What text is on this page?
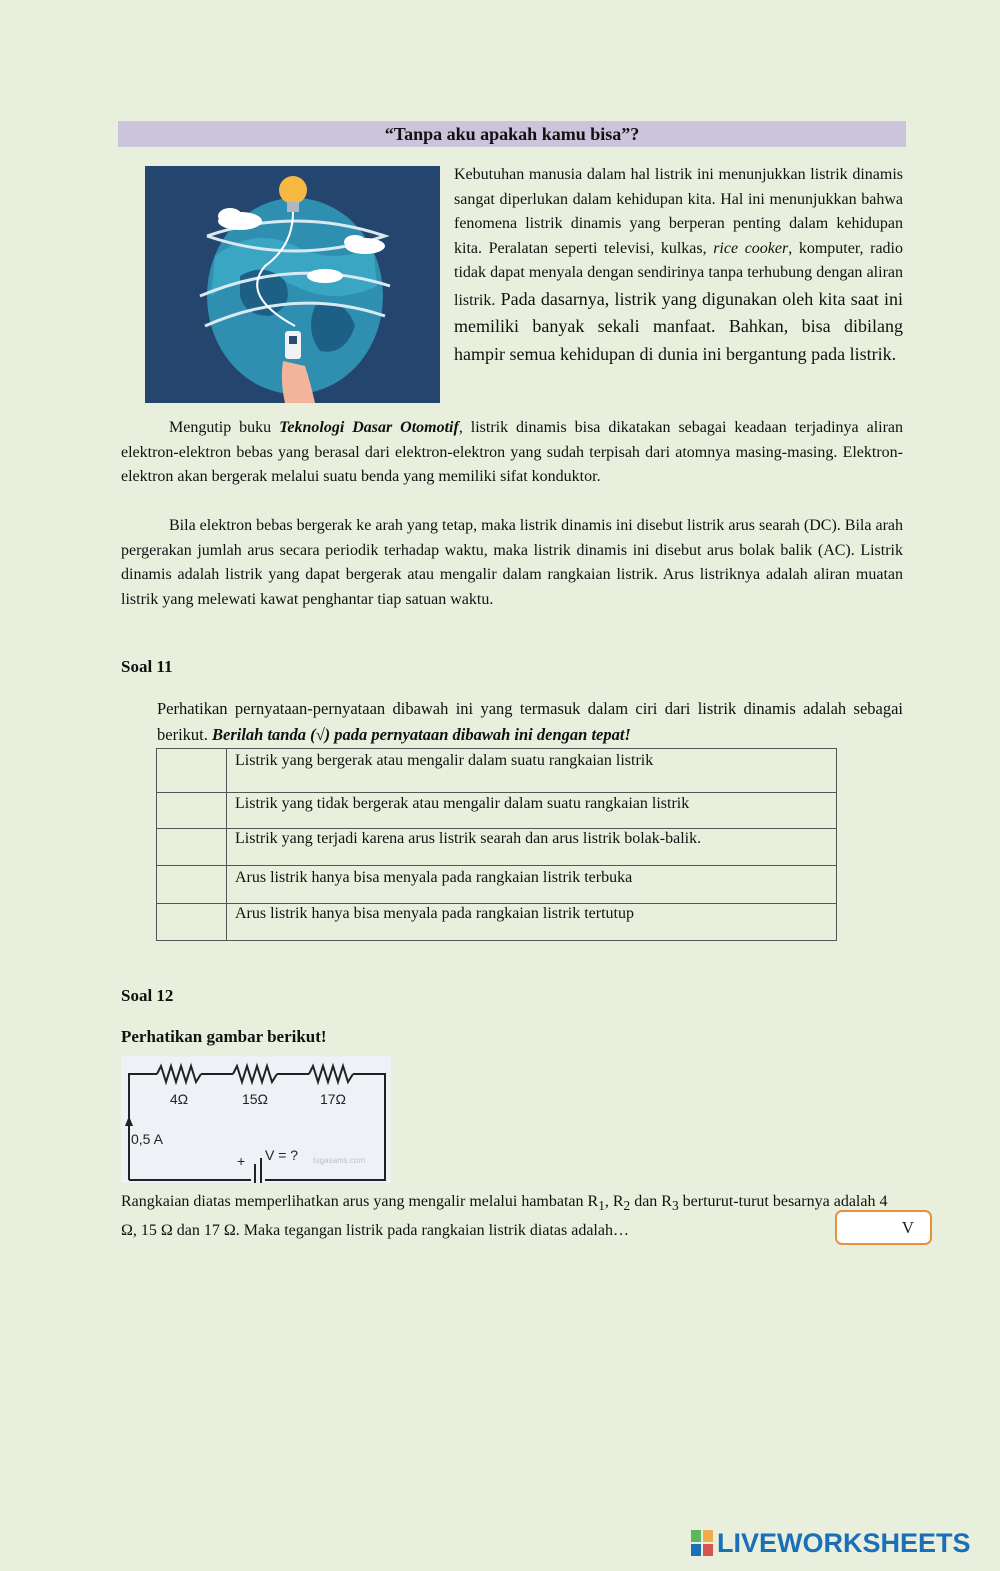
“Tanpa aku apakah kamu bisa”?
Kebutuhan manusia dalam hal listrik ini menunjukkan listrik dinamis sangat diperlukan dalam kehidupan kita. Hal ini menunjukkan bahwa fenomena listrik dinamis yang berperan penting dalam kehidupan kita. Peralatan seperti televisi, kulkas, rice cooker, komputer, radio tidak dapat menyala dengan sendirinya tanpa terhubung dengan aliran listrik. Pada dasarnya, listrik yang digunakan oleh kita saat ini memiliki banyak sekali manfaat. Bahkan, bisa dibilang hampir semua kehidupan di dunia ini bergantung pada listrik.
Mengutip buku Teknologi Dasar Otomotif, listrik dinamis bisa dikatakan sebagai keadaan terjadinya aliran elektron-elektron bebas yang berasal dari elektron-elektron yang sudah terpisah dari atomnya masing-masing. Elektron-elektron akan bergerak melalui suatu benda yang memiliki sifat konduktor.
Bila elektron bebas bergerak ke arah yang tetap, maka listrik dinamis ini disebut listrik arus searah (DC). Bila arah pergerakan jumlah arus secara periodik terhadap waktu, maka listrik dinamis ini disebut arus bolak balik (AC). Listrik dinamis adalah listrik yang dapat bergerak atau mengalir dalam rangkaian listrik. Arus listriknya adalah aliran muatan listrik yang melewati kawat penghantar tiap satuan waktu.
Soal 11
Perhatikan pernyataan-pernyataan dibawah ini yang termasuk dalam ciri dari listrik dinamis adalah sebagai berikut. Berilah tanda (√) pada pernyataan dibawah ini dengan tepat!
	Listrik yang bergerak atau mengalir dalam suatu rangkaian listrik
	Listrik yang tidak bergerak atau mengalir dalam suatu rangkaian listrik
	Listrik yang terjadi karena arus listrik searah dan arus listrik bolak-balik.
	Arus listrik hanya bisa menyala pada rangkaian listrik terbuka
	Arus listrik hanya bisa menyala pada rangkaian listrik tertutup
Soal 12
Perhatikan gambar berikut!
4Ω	15Ω	17Ω
0,5 A
V = ?
+	tugasams.com
Rangkaian diatas memperlihatkan arus yang mengalir melalui hambatan $R_1$, $R_2$ dan $R_3$ berturut-turut besarnya adalah 4 Ω, 15 Ω dan 17 Ω. Maka tegangan listrik pada rangkaian listrik diatas adalah…	V
LIVEWORKSHEETS
